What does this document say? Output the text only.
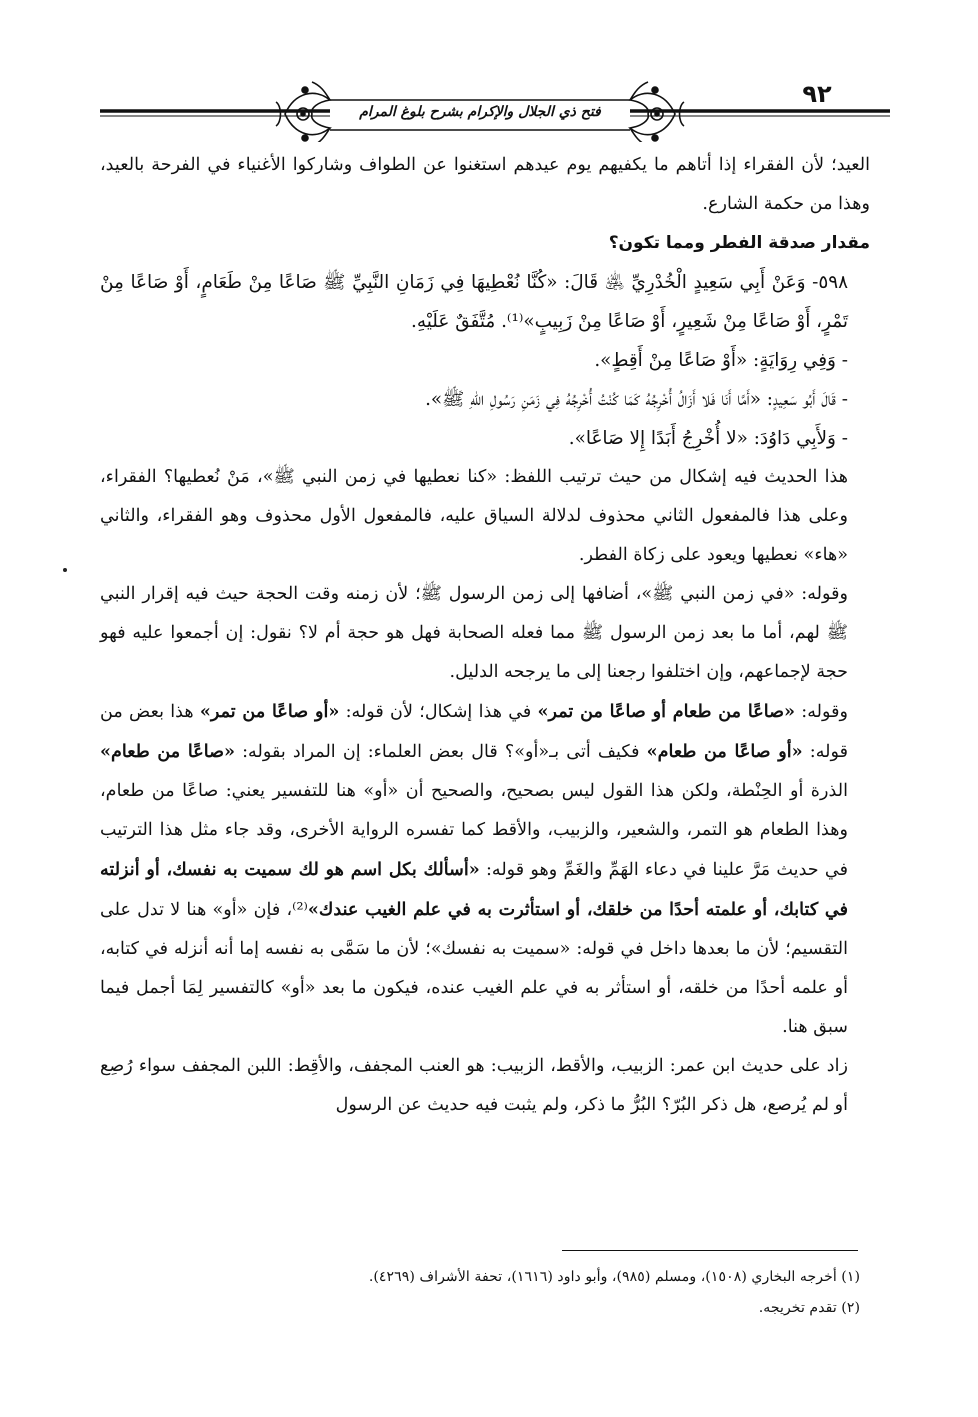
٩٢
فتح ذي الجلال والإكرام بشرح بلوغ المرام

العيد؛ لأن الفقراء إذا أتاهم ما يكفيهم يوم عيدهم استغنوا عن الطواف وشاركوا الأغنياء في الفرحة بالعيد، وهذا من حكمة الشارع.

مقدار صدقة الفطر ومما تكون؟

٥٩٨- وَعَنْ أَبِي سَعِيدٍ الْخُدْرِيِّ ﵁ قَالَ: «كُنَّا نُعْطِيهَا فِي زَمَانِ النَّبِيِّ ﷺ صَاعًا مِنْ طَعَامٍ، أَوْ صَاعًا مِنْ تَمْرٍ، أَوْ صَاعًا مِنْ شَعِيرٍ، أَوْ صَاعًا مِنْ زَبِيبٍ»⁽¹⁾. مُتَّفَقٌ عَلَيْهِ.

- وَفِي رِوَايَةٍ: «أَوْ صَاعًا مِنْ أَقِطٍ».

- قَالَ أَبُو سَعِيدٍ: «أَمَّا أَنَا فَلا أَزَالُ أُخْرِجُهُ كَمَا كُنْتُ أُخْرِجُهُ فِي زَمَنِ رَسُولِ اللهِ ﷺ».

- وَلأَبِي دَاوُدَ: «لا أُخْرِجُ أَبَدًا إِلا صَاعًا».

هذا الحديث فيه إشكال من حيث ترتيب اللفظ: «كنا نعطيها في زمن النبي ﷺ»، مَنْ نُعطيها؟ الفقراء، وعلى هذا فالمفعول الثاني محذوف لدلالة السياق عليه، فالمفعول الأول محذوف وهو الفقراء، والثاني «هاء» نعطيها ويعود على زكاة الفطر.

وقوله: «في زمن النبي ﷺ»، أضافها إلى زمن الرسول ﷺ؛ لأن زمنه وقت الحجة حيث فيه إقرار النبي ﷺ لهم، أما ما بعد زمن الرسول ﷺ مما فعله الصحابة فهل هو حجة أم لا؟ نقول: إن أجمعوا عليه فهو حجة لإجماعهم، وإن اختلفوا رجعنا إلى ما يرجحه الدليل.

وقوله: «صاعًا من طعام أو صاعًا من تمر» في هذا إشكال؛ لأن قوله: «أو صاعًا من تمر» هذا بعض من قوله: «أو صاعًا من طعام» فكيف أتى بـ«أو»؟ قال بعض العلماء: إن المراد بقوله: «صاعًا من طعام» الذرة أو الحِنْطة، ولكن هذا القول ليس بصحيح، والصحيح أن «أو» هنا للتفسير يعني: صاعًا من طعام، وهذا الطعام هو التمر، والشعير، والزبيب، والأقط كما تفسره الرواية الأخرى، وقد جاء مثل هذا الترتيب في حديث مَرَّ علينا في دعاء الهَمِّ والغَمِّ وهو قوله: «أسألك بكل اسم هو لك سميت به نفسك، أو أنزلته في كتابك، أو علمته أحدًا من خلقك، أو استأثرت به في علم الغيب عندك»⁽²⁾، فإن «أو» هنا لا تدل على التقسيم؛ لأن ما بعدها داخل في قوله: «سميت به نفسك»؛ لأن ما سَمَّى به نفسه إما أنه أنزله في كتابه، أو علمه أحدًا من خلقه، أو استأثر به في علم الغيب عنده، فيكون ما بعد «أو» كالتفسير لِمَا أجمل فيما سبق هنا.

زاد على حديث ابن عمر: الزبيب، والأقط، الزبيب: هو العنب المجفف، والأقِط: اللبن المجفف سواء رُصِع أو لم يُرصع، هل ذكر البُرّ؟ البُرُّ ما ذكر، ولم يثبت فيه حديث عن الرسول

(١) أخرجه البخاري (١٥٠٨)، ومسلم (٩٨٥)، وأبو داود (١٦١٦)، تحفة الأشراف (٤٢٦٩).

(٢) تقدم تخريجه.
